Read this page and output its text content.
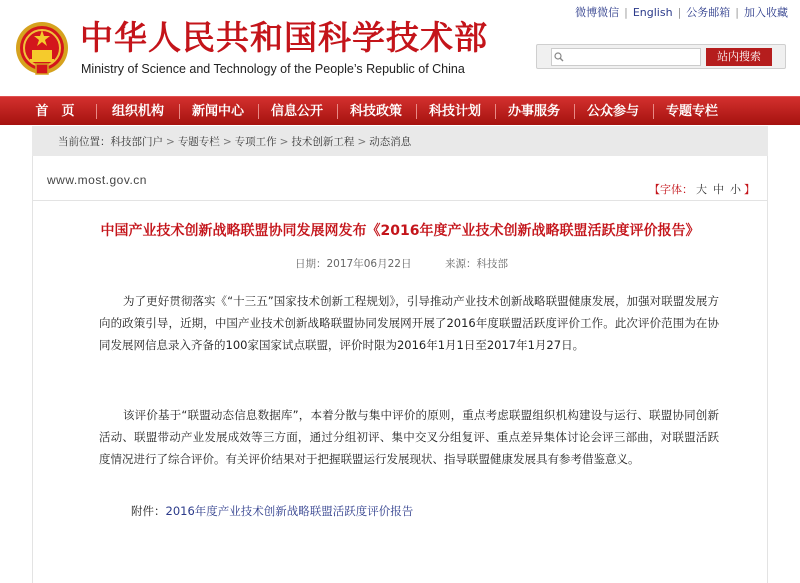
中华人民共和国科学技术部
Ministry of Science and Technology of the People’s Republic of China
微博微信 | English | 公务邮箱 | 加入收藏
站内搜索
首　页	组织机构	新闻中心	信息公开	科技政策	科技计划	办事服务	公众参与	专题专栏
当前位置：科技部门户 > 专题专栏 > 专项工作 > 技术创新工程 > 动态消息
www.most.gov.cn
【字体： 大 中 小 】
中国产业技术创新战略联盟协同发展网发布《2016年度产业技术创新战略联盟活跃度评价报告》
日期：2017年06月22日	来源：科技部
为了更好贯彻落实《“十三五”国家技术创新工程规划》，引导推动产业技术创新战略联盟健康发展，加强对联盟发展方向的政策引导，近期，中国产业技术创新战略联盟协同发展网开展了2016年度联盟活跃度评价工作。此次评价范围为在协同发展网信息录入齐备的100家国家试点联盟，评价时限为2016年1月1日至2017年1月27日。
该评价基于“联盟动态信息数据库”，本着分散与集中评价的原则，重点考虑联盟组织机构建设与运行、联盟协同创新活动、联盟带动产业发展成效等三方面，通过分组初评、集中交叉分组复评、重点差异集体讨论会评三部曲，对联盟活跃度情况进行了综合评价。有关评价结果对于把握联盟运行发展现状、指导联盟健康发展具有参考借鉴意义。
附件：2016年度产业技术创新战略联盟活跃度评价报告
